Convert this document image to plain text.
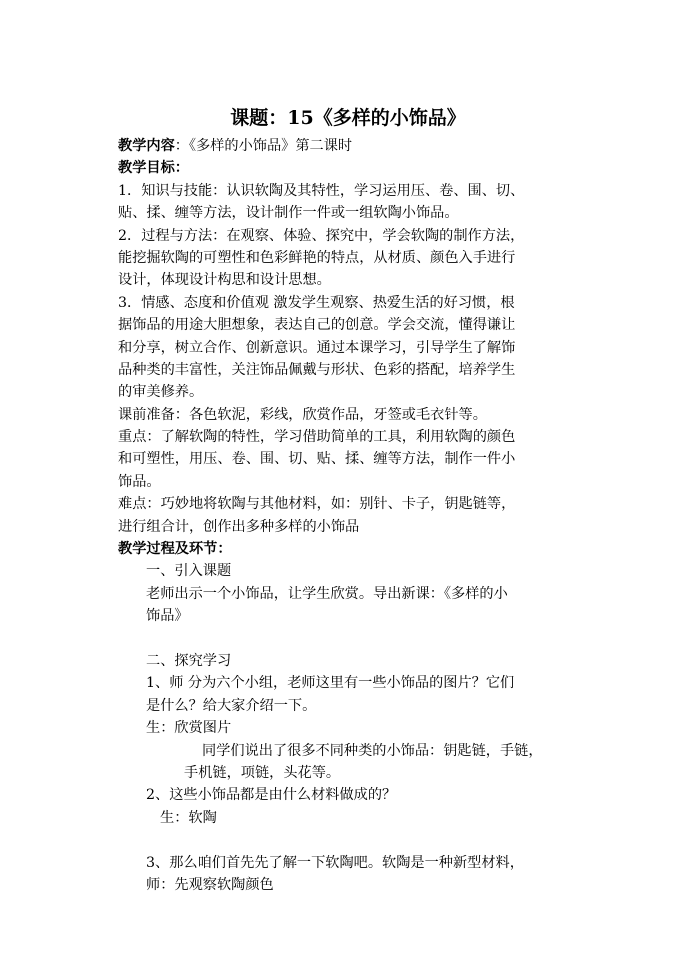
课题：15《多样的小饰品》
教学内容：《多样的小饰品》第二课时
教学目标：
1．知识与技能：认识软陶及其特性，学习运用压、卷、围、切、
贴、揉、缠等方法，设计制作一件或一组软陶小饰品。
2．过程与方法：在观察、体验、探究中，学会软陶的制作方法，
能挖掘软陶的可塑性和色彩鲜艳的特点，从材质、颜色入手进行
设计，体现设计构思和设计思想。
3．情感、态度和价值观 激发学生观察、热爱生活的好习惯，根
据饰品的用途大胆想象，表达自己的创意。学会交流，懂得谦让
和分享，树立合作、创新意识。通过本课学习，引导学生了解饰
品种类的丰富性，关注饰品佩戴与形状、色彩的搭配，培养学生
的审美修养。
课前准备：各色软泥，彩线，欣赏作品，牙签或毛衣针等。
重点：了解软陶的特性，学习借助简单的工具，利用软陶的颜色
和可塑性，用压、卷、围、切、贴、揉、缠等方法，制作一件小
饰品。
难点：巧妙地将软陶与其他材料，如：别针、卡子，钥匙链等，
进行组合计，创作出多种多样的小饰品
教学过程及环节：
一、引入课题
老师出示一个小饰品，让学生欣赏。导出新课：《多样的小
饰品》
二、探究学习
1、师 分为六个小组，老师这里有一些小饰品的图片？它们
是什么？给大家介绍一下。
生：欣赏图片
同学们说出了很多不同种类的小饰品：钥匙链，手链，
手机链，项链，头花等。
2、这些小饰品都是由什么材料做成的？
生：软陶
3、那么咱们首先先了解一下软陶吧。软陶是一种新型材料，
师：先观察软陶颜色
